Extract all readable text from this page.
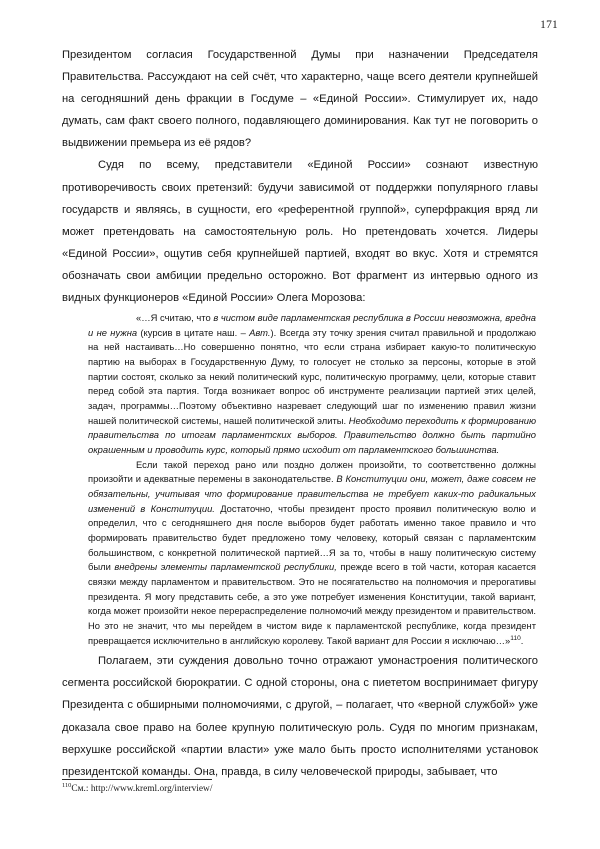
171

Президентом согласия Государственной Думы при назначении Председателя Правительства. Рассуждают на сей счёт, что характерно, чаще всего деятели крупнейшей на сегодняшний день фракции в Госдуме – «Единой России». Стимулирует их, надо думать, сам факт своего полного, подавляющего доминирования. Как тут не поговорить о выдвижении премьера из её рядов?

Судя по всему, представители «Единой России» сознают известную противоречивость своих претензий: будучи зависимой от поддержки популярного главы государств и являясь, в сущности, его «референтной группой», суперфракция вряд ли может претендовать на самостоятельную роль. Но претендовать хочется. Лидеры «Единой России», ощутив себя крупнейшей партией, входят во вкус. Хотя и стремятся обозначать свои амбиции предельно осторожно. Вот фрагмент из интервью одного из видных функционеров «Единой России» Олега Морозова:

«…Я считаю, что в чистом виде парламентская республика в России невозможна, вредна и не нужна (курсив в цитате наш. – Авт.). Всегда эту точку зрения считал правильной и продолжаю на ней настаивать…Но совершенно понятно, что если страна избирает какую-то политическую партию на выборах в Государственную Думу, то голосует не столько за персоны, которые в этой партии состоят, сколько за некий политический курс, политическую программу, цели, которые ставит перед собой эта партия. Тогда возникает вопрос об инструменте реализации партией этих целей, задач, программы…Поэтому объективно назревает следующий шаг по изменению правил жизни нашей политической системы, нашей политической элиты. Необходимо переходить к формированию правительства по итогам парламентских выборов. Правительство должно быть партийно окрашенным и проводить курс, который прямо исходит от парламентского большинства.

Если такой переход рано или поздно должен произойти, то соответственно должны произойти и адекватные перемены в законодательстве. В Конституции они, может, даже совсем не обязательны, учитывая что формирование правительства не требует каких-то радикальных изменений в Конституции. Достаточно, чтобы президент просто проявил политическую волю и определил, что с сегодняшнего дня после выборов будет работать именно такое правило и что формировать правительство будет предложено тому человеку, который связан с парламентским большинством, с конкретной политической партией…Я за то, чтобы в нашу политическую систему были внедрены элементы парламентской республики, прежде всего в той части, которая касается связки между парламентом и правительством. Это не посягательство на полномочия и прерогативы президента. Я могу представить себе, а это уже потребует изменения Конституции, такой вариант, когда может произойти некое перераспределение полномочий между президентом и правительством. Но это не значит, что мы перейдем в чистом виде к парламентской республике, когда президент превращается исключительно в английскую королеву. Такой вариант для России я исключаю…»$^{110}$.

Полагаем, эти суждения довольно точно отражают умонастроения политического сегмента российской бюрократии. С одной стороны, она с пиететом воспринимает фигуру Президента с обширными полномочиями, с другой, – полагает, что «верной службой» уже доказала свое право на более крупную политическую роль. Судя по многим признакам, верхушке российской «партии власти» уже мало быть просто исполнителями установок президентской команды. Она, правда, в силу человеческой природы, забывает, что

$^{110}$См.: http://www.kreml.org/interview/
